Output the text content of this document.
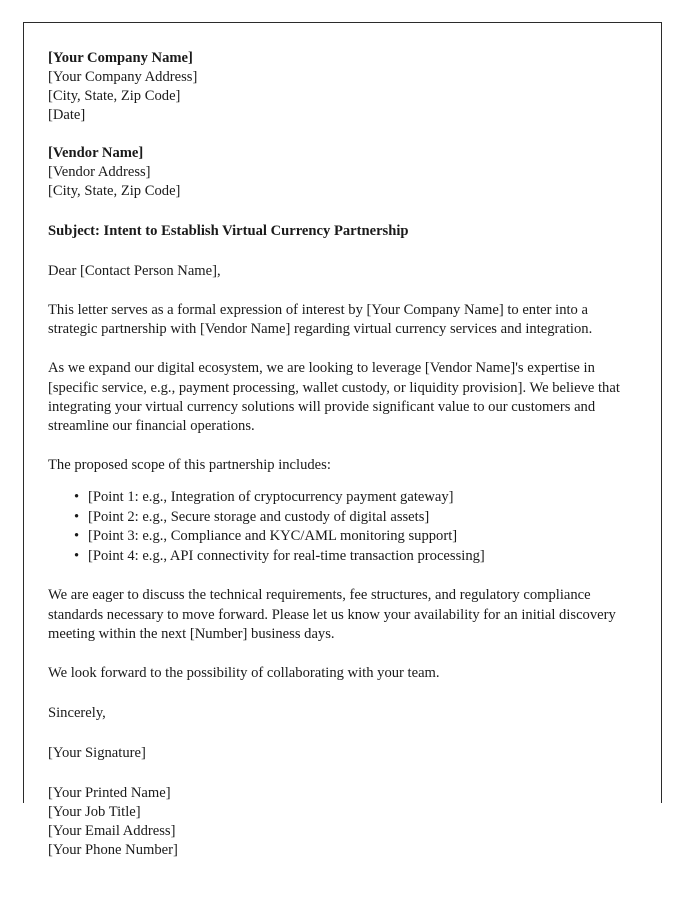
[Your Company Name]
[Your Company Address]
[City, State, Zip Code]
[Date]
[Vendor Name]
[Vendor Address]
[City, State, Zip Code]
Subject: Intent to Establish Virtual Currency Partnership
Dear [Contact Person Name],

This letter serves as a formal expression of interest by [Your Company Name] to enter into a strategic partnership with [Vendor Name] regarding virtual currency services and integration.

As we expand our digital ecosystem, we are looking to leverage [Vendor Name]'s expertise in [specific service, e.g., payment processing, wallet custody, or liquidity provision]. We believe that integrating your virtual currency solutions will provide significant value to our customers and streamline our financial operations.

The proposed scope of this partnership includes:

• [Point 1: e.g., Integration of cryptocurrency payment gateway]
• [Point 2: e.g., Secure storage and custody of digital assets]
• [Point 3: e.g., Compliance and KYC/AML monitoring support]
• [Point 4: e.g., API connectivity for real-time transaction processing]

We are eager to discuss the technical requirements, fee structures, and regulatory compliance standards necessary to move forward. Please let us know your availability for an initial discovery meeting within the next [Number] business days.

We look forward to the possibility of collaborating with your team.

Sincerely,
[Your Signature]
[Your Printed Name]
[Your Job Title]
[Your Email Address]
[Your Phone Number]
